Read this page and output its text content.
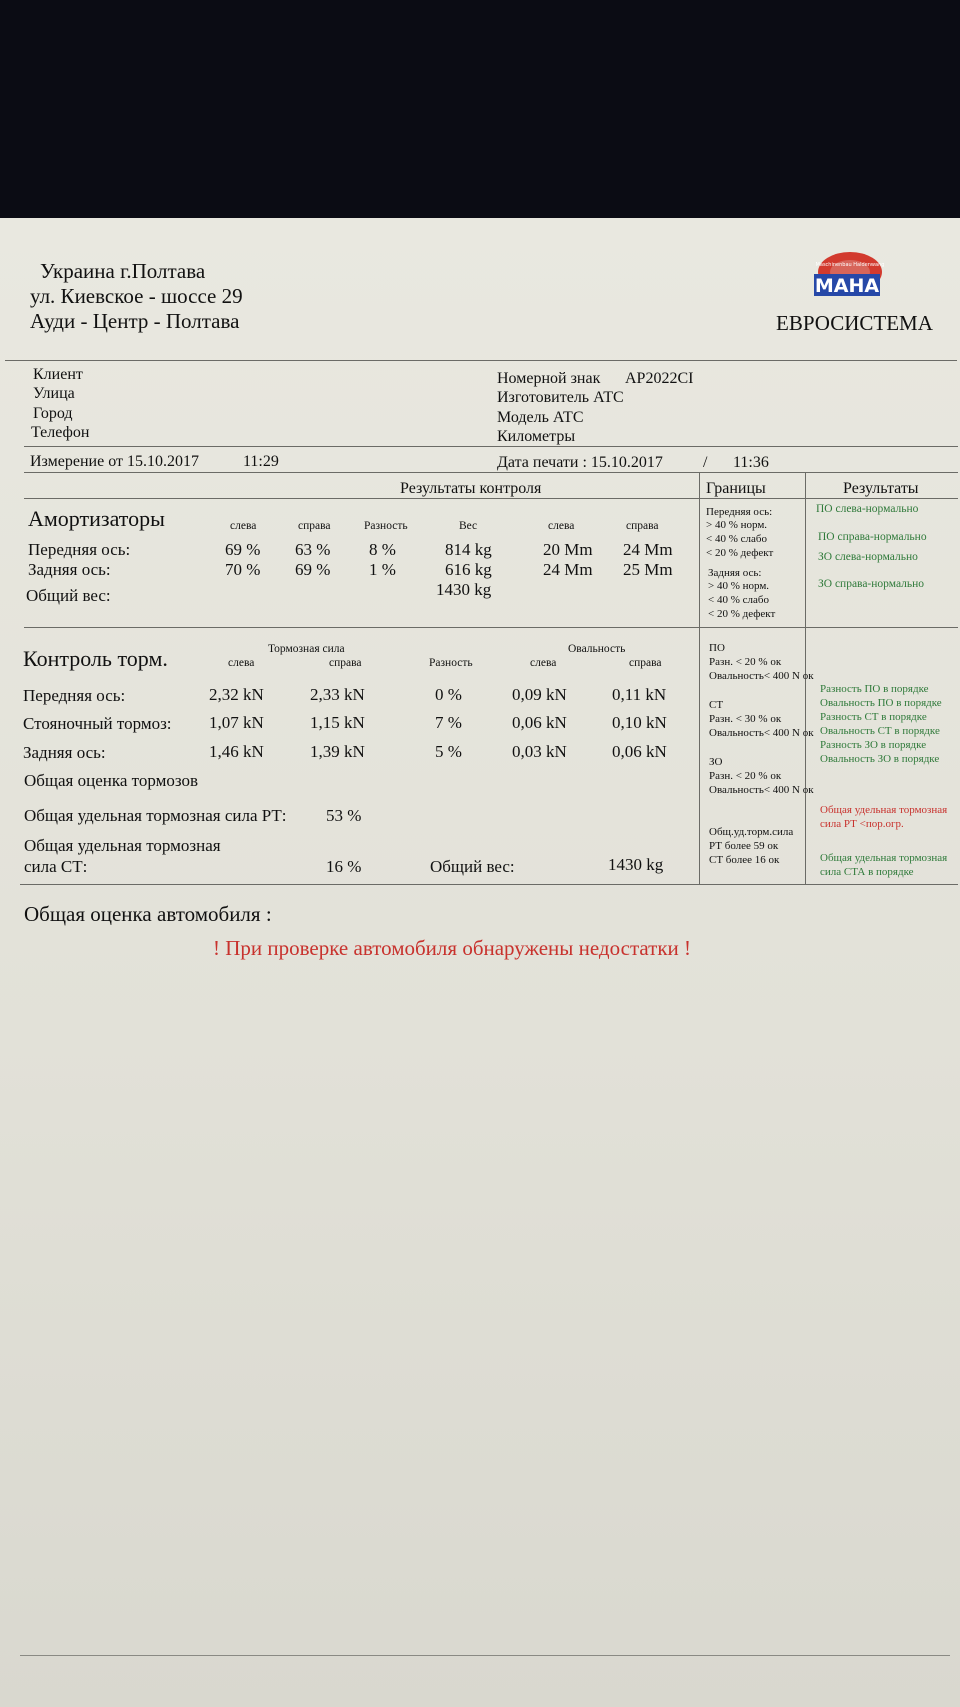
Украина г.Полтава
ул. Киевское - шоссе 29
Ауди - Центр - Полтава
MAHA
Maschinenbau Haldenwang
ЕВРОСИСТЕМА
Клиент
Улица
Город
Телефон
Номерной знак AP2022CI
Изготовитель АТС
Модель АТС
Километры
Измерение от 15.10.2017	11:29	Дата печати : 15.10.2017	/ 11:36
Результаты контроля	Границы	Результаты
Амортизаторы	слева	справа	Разность	Вес	слева	справа
Передняя ось:	69 % 63 % 8 %	814 kg	20 Mm 24 Mm
Задняя ось:	70 % 69 % 1 %	616 kg	24 Mm 25 Mm
Общий вес:	1430 kg
Передняя ось:
> 40 % норм.
< 40 % слабо
< 20 % дефект
Задняя ось:
> 40 % норм.
< 40 % слабо
< 20 % дефект
ПО слева-нормально
ПО справа-нормально
ЗО слева-нормально
ЗО справа-нормально
Контроль торм.	Тормозная сила	Овальность
слева	справа	Разность	слева	справа
Передняя ось:	2,32 kN	2,33 kN	0 %	0,09 kN	0,11 kN
Стояночный тормоз: 1,07 kN	1,15 kN	7 %	0,06 kN	0,10 kN
Задняя ось:	1,46 kN	1,39 kN	5 %	0,03 kN	0,06 kN
Общая оценка тормозов
Общая удельная тормозная сила РТ: 53 %
Общая удельная тормозная
сила СТ:	16 %	Общий вес:	1430 kg
ПО
Разн. < 20 % ок
Овальность< 400 N ок
СТ
Разн. < 30 % ок
Овальность< 400 N ок
ЗО
Разн. < 20 % ок
Овальность< 400 N ок
Общ.уд.торм.сила
РТ более 59 ок
СТ более 16 ок
Разность ПО в порядке
Овальность ПО в порядке
Разность СТ в порядке
Овальность СТ в порядке
Разность ЗО в порядке
Овальность ЗО в порядке
Общая удельная тормозная
сила РТ <пор.огр.
Общая удельная тормозная
сила СТА в порядке
Общая оценка автомобиля :
! При проверке автомобиля обнаружены недостатки !
